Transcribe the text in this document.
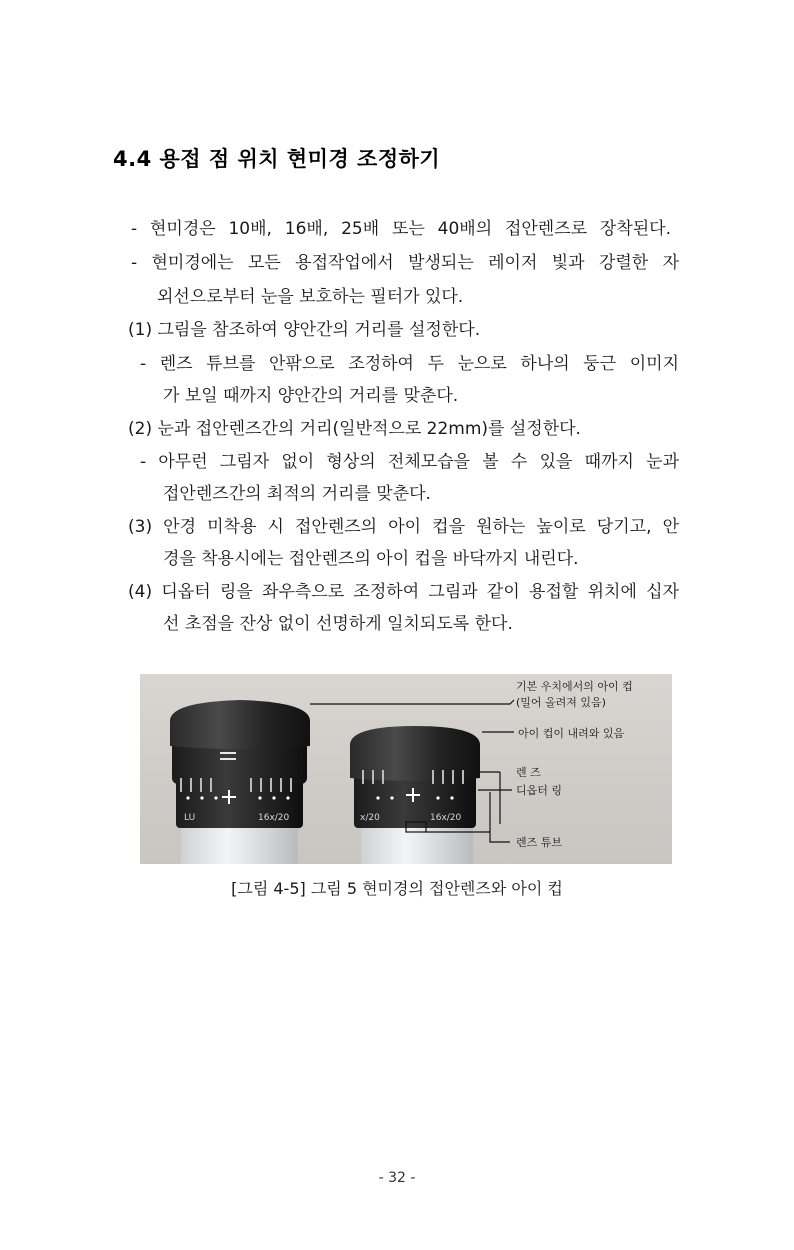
4.4 용접 점 위치 현미경 조정하기
- 현미경은 10배, 16배, 25배 또는 40배의 접안렌즈로 장착된다.
- 현미경에는 모든 용접작업에서 발생되는 레이저 빛과 강렬한 자
외선으로부터 눈을 보호하는 필터가 있다.
(1) 그림을 참조하여 양안간의 거리를 설정한다.
- 렌즈 튜브를 안팎으로 조정하여 두 눈으로 하나의 둥근 이미지
가 보일 때까지 양안간의 거리를 맞춘다.
(2) 눈과 접안렌즈간의 거리(일반적으로 22mm)를 설정한다.
- 아무런 그림자 없이 형상의 전체모습을 볼 수 있을 때까지 눈과
접안렌즈간의 최적의 거리를 맞춘다.
(3) 안경 미착용 시 접안렌즈의 아이 컵을 원하는 높이로 당기고, 안
경을 착용시에는 접안렌즈의 아이 컵을 바닥까지 내린다.
(4) 디옵터 링을 좌우측으로 조정하여 그림과 같이 용접할 위치에 십자
선 초점을 잔상 없이 선명하게 일치되도록 한다.
16x/20
LU	16x/20
x/20
기본 우치에서의 아이 컵
(밀어 올려져 있음)
아이 컵이 내려와 있음
렌 즈
디옵터 링
렌즈 튜브
[그림 4-5] 그림 5 현미경의 접안렌즈와 아이 컵
- 32 -
